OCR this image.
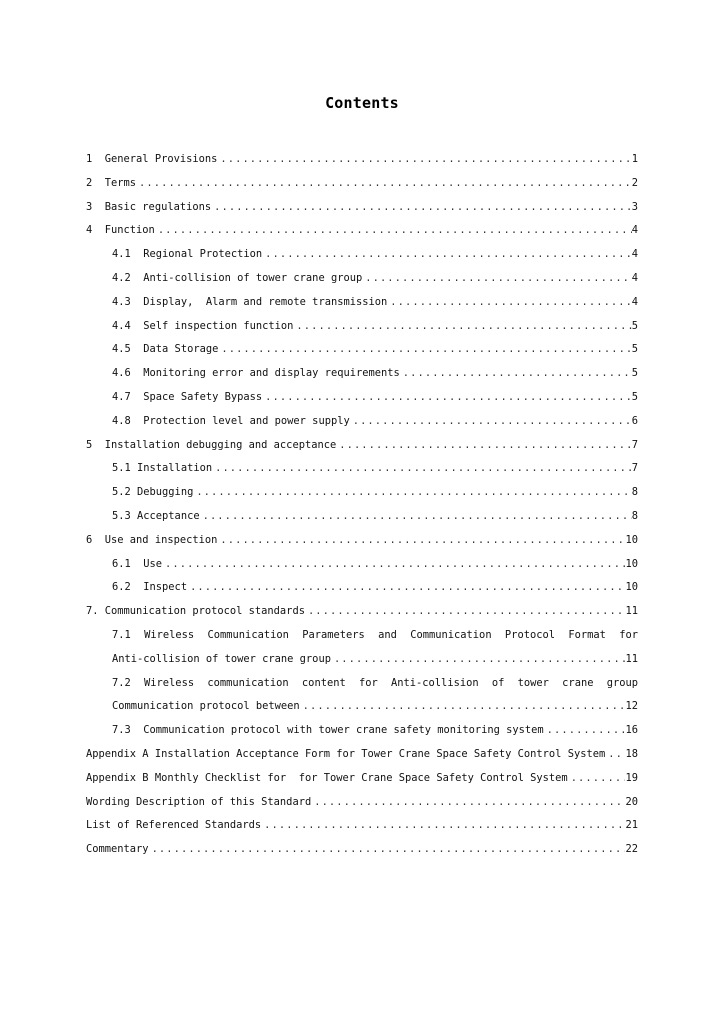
Contents
1  General Provisions .....	1
2  Terms .....	2
3  Basic regulations .....	3
4  Function .....	4
4.1  Regional Protection .....	4
4.2  Anti-collision of tower crane group .....	4
4.3  Display,  Alarm and remote transmission .....	4
4.4  Self inspection function .....	5
4.5  Data Storage .....	5
4.6  Monitoring error and display requirements .....	5
4.7  Space Safety Bypass .....	5
4.8  Protection level and power supply .....	6
5  Installation debugging and acceptance .....	7
5.1 Installation .....	7
5.2 Debugging .....	8
5.3 Acceptance .....	8
6  Use and inspection .....	10
6.1  Use .....	10
6.2  Inspect .....	10
7. Communication protocol standards .....	11
7.1 Wireless Communication Parameters and Communication Protocol Format for
Anti-collision of tower crane group .....	11
7.2 Wireless communication content for Anti-collision of tower crane group
Communication protocol between .....	12
7.3  Communication protocol with tower crane safety monitoring system .....	16
Appendix A Installation Acceptance Form for Tower Crane Space Safety Control System ..... 18
Appendix B Monthly Checklist for  for Tower Crane Space Safety Control System .....	19
Wording Description of this Standard .....	20
List of Referenced Standards .....	21
Commentary .....	22
